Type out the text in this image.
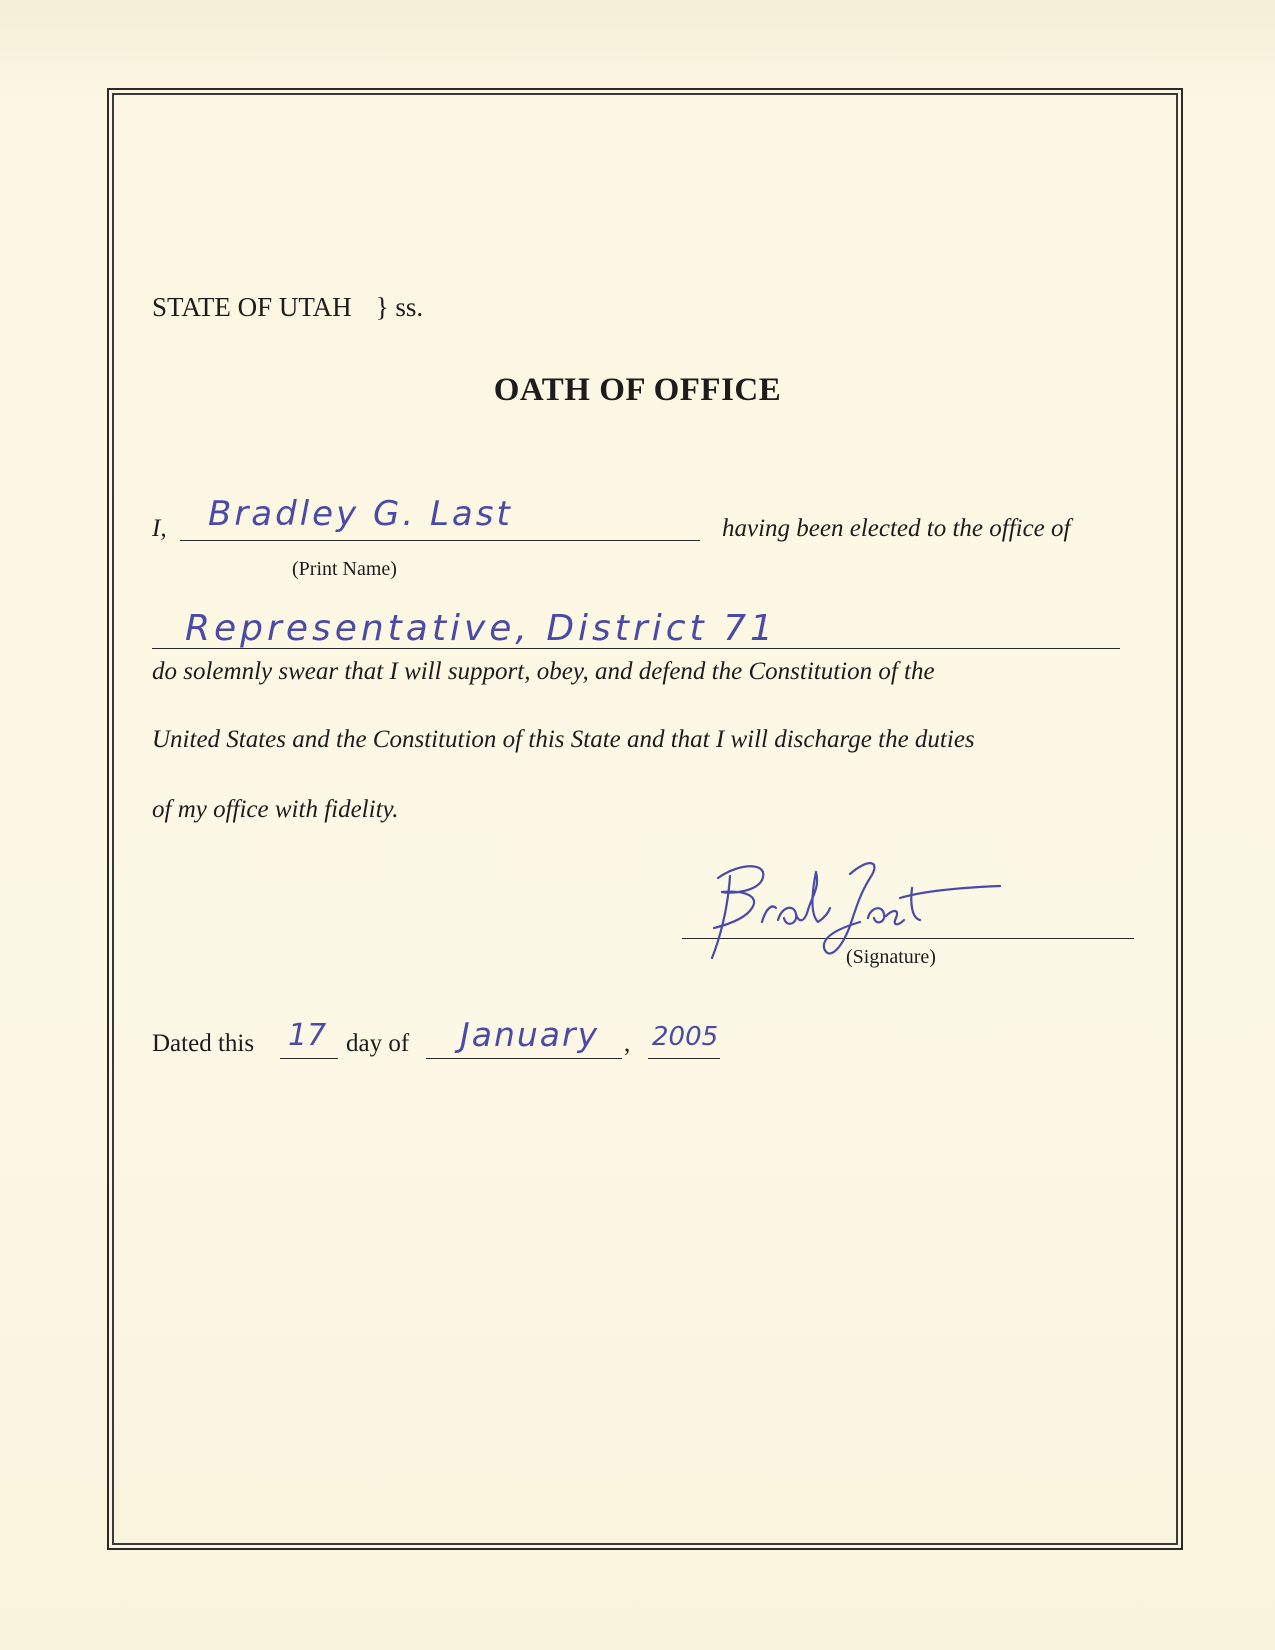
STATE OF UTAH } ss.
OATH OF OFFICE
I, Bradley G. Last	having been elected to the office of
(Print Name)
Representative, District 71
do solemnly swear that I will support, obey, and defend the Constitution of the
United States and the Constitution of this State and that I will discharge the duties
of my office with fidelity.
(Signature)
Dated this 17 day of January , 2005
